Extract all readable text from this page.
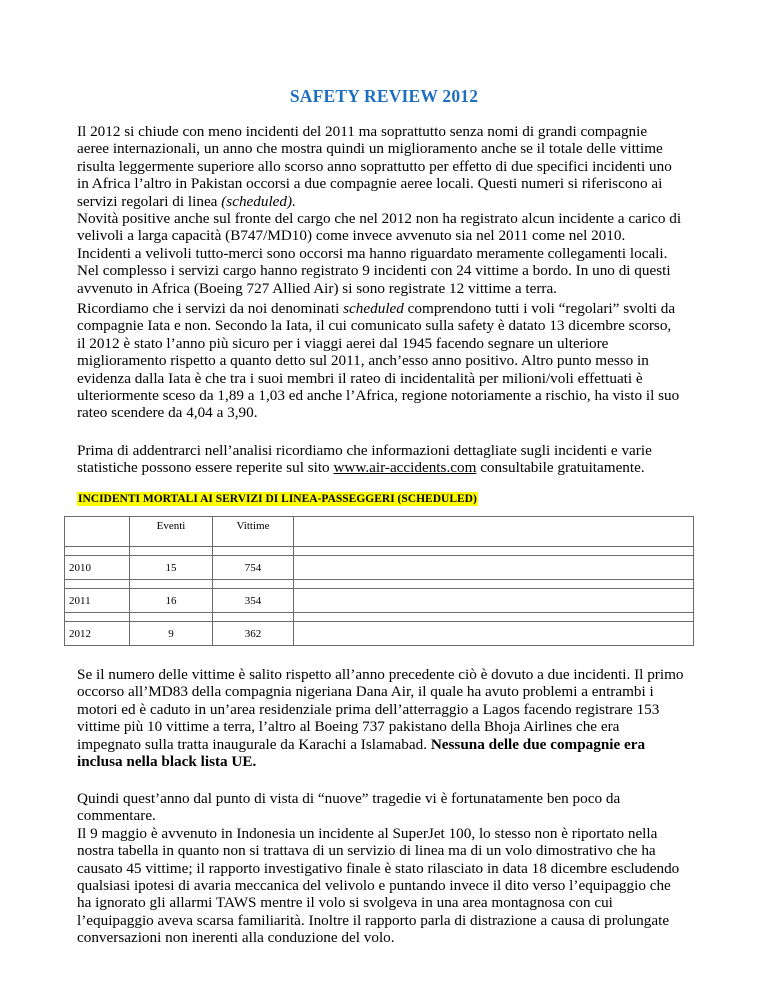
SAFETY REVIEW 2012

Il 2012 si chiude con meno incidenti del 2011 ma soprattutto senza nomi di grandi compagnie

aeree internazionali, un anno che mostra quindi un miglioramento anche se il totale delle vittime

risulta leggermente superiore allo scorso anno soprattutto per effetto di due specifici incidenti uno

in Africa l’altro in Pakistan occorsi a due compagnie aeree locali. Questi numeri si riferiscono ai

servizi regolari di linea (scheduled).

Novità positive anche sul fronte del cargo che nel 2012 non ha registrato alcun incidente a carico di

velivoli a larga capacità (B747/MD10) come invece avvenuto sia nel 2011 come nel 2010.

Incidenti a velivoli tutto-merci sono occorsi ma hanno riguardato meramente collegamenti locali.

Nel complesso i servizi cargo hanno registrato 9 incidenti con 24 vittime a bordo. In uno di questi

avvenuto in Africa (Boeing 727 Allied Air) si sono registrate 12 vittime a terra.

Ricordiamo che i servizi da noi denominati scheduled comprendono tutti i voli “regolari” svolti da

compagnie Iata e non. Secondo la Iata, il cui comunicato sulla safety è datato 13 dicembre scorso,

il 2012 è stato l’anno più sicuro per i viaggi aerei dal 1945 facendo segnare un ulteriore

miglioramento rispetto a quanto detto sul 2011, anch’esso anno positivo. Altro punto messo in

evidenza dalla Iata è che tra i suoi membri il rateo di incidentalità per milioni/voli effettuati è

ulteriormente sceso da 1,89 a 1,03 ed anche l’Africa, regione notoriamente a rischio, ha visto il suo

rateo scendere da 4,04 a 3,90.

Prima di addentrarci nell’analisi ricordiamo che informazioni dettagliate sugli incidenti e varie

statistiche possono essere reperite sul sito www.air-accidents.com consultabile gratuitamente.

INCIDENTI MORTALI AI SERVIZI DI LINEA-PASSEGGERI (SCHEDULED)
	Eventi	Vittime	

2010	15	754	

2011	16	354	

2012	9	362	

Se il numero delle vittime è salito rispetto all’anno precedente ciò è dovuto a due incidenti. Il primo

occorso all’MD83 della compagnia nigeriana Dana Air, il quale ha avuto problemi a entrambi i

motori ed è caduto in un’area residenziale prima dell’atterraggio a Lagos facendo registrare 153

vittime più 10 vittime a terra, l’altro al Boeing 737 pakistano della Bhoja Airlines che era

impegnato sulla tratta inaugurale da Karachi a Islamabad. Nessuna delle due compagnie era

inclusa nella black lista UE.

Quindi quest’anno dal punto di vista di “nuove” tragedie vi è fortunatamente ben poco da

commentare.

Il 9 maggio è avvenuto in Indonesia un incidente al SuperJet 100, lo stesso non è riportato nella

nostra tabella in quanto non si trattava di un servizio di linea ma di un volo dimostrativo che ha

causato 45 vittime; il rapporto investigativo finale è stato rilasciato in data 18 dicembre escludendo

qualsiasi ipotesi di avaria meccanica del velivolo e puntando invece il dito verso l’equipaggio che

ha ignorato gli allarmi TAWS mentre il volo si svolgeva in una area montagnosa con cui

l’equipaggio aveva scarsa familiarità. Inoltre il rapporto parla di distrazione a causa di prolungate

conversazioni non inerenti alla conduzione del volo.
